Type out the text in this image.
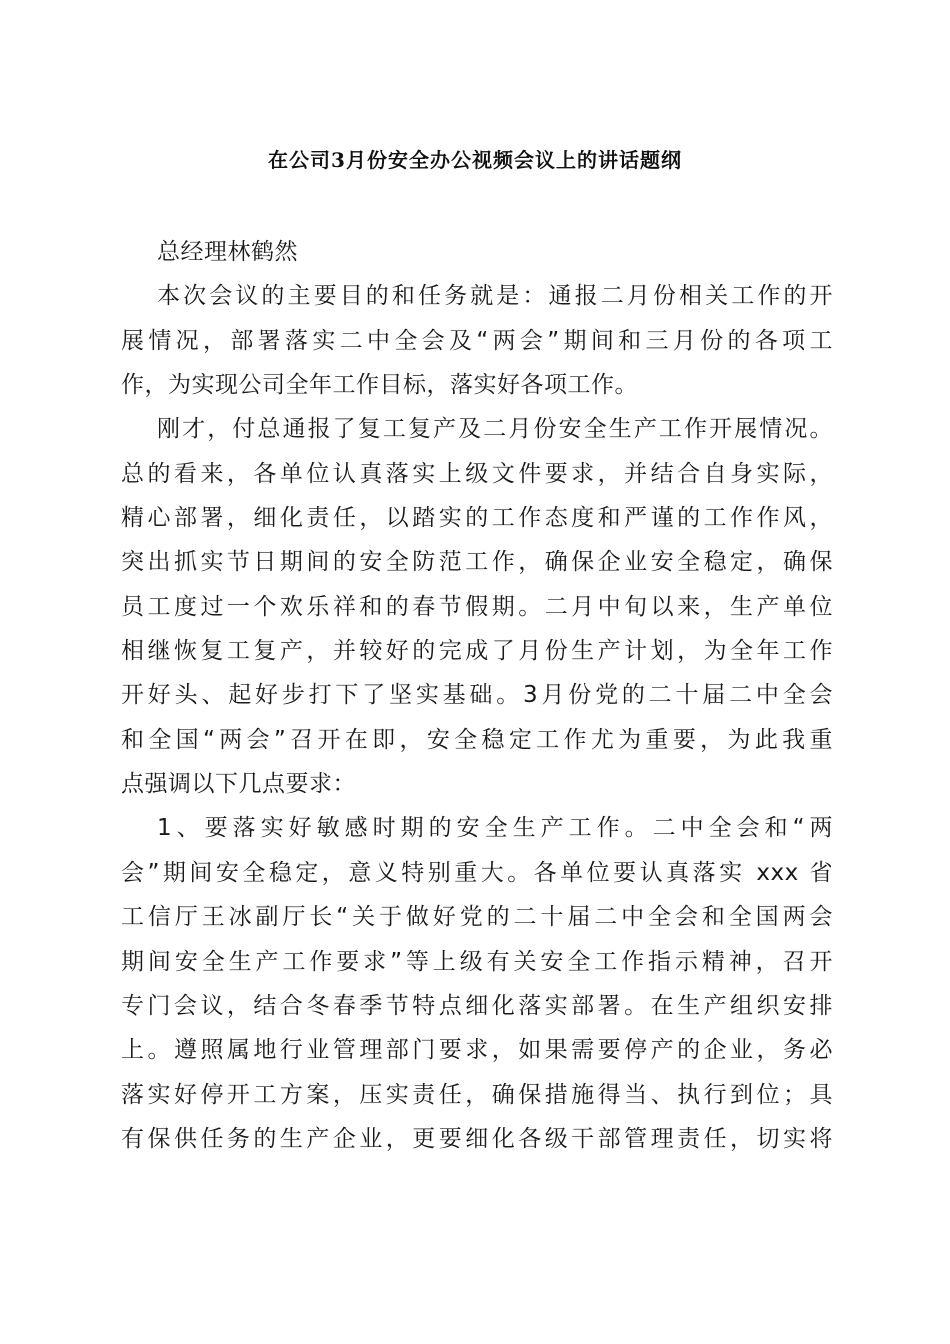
在公司3月份安全办公视频会议上的讲话题纲
总经理林鹤然
本次会议的主要目的和任务就是：通报二月份相关工作的开
展情况，部署落实二中全会及“两会”期间和三月份的各项工
作，为实现公司全年工作目标，落实好各项工作。
刚才，付总通报了复工复产及二月份安全生产工作开展情况。
总的看来，各单位认真落实上级文件要求，并结合自身实际，
精心部署，细化责任，以踏实的工作态度和严谨的工作作风，
突出抓实节日期间的安全防范工作，确保企业安全稳定，确保
员工度过一个欢乐祥和的春节假期。二月中旬以来，生产单位
相继恢复工复产，并较好的完成了月份生产计划，为全年工作
开好头、起好步打下了坚实基础。3月份党的二十届二中全会
和全国“两会”召开在即，安全稳定工作尤为重要，为此我重
点强调以下几点要求：
1、要落实好敏感时期的安全生产工作。二中全会和“两
会”期间安全稳定，意义特别重大。各单位要认真落实 xxx 省
工信厅王冰副厅长“关于做好党的二十届二中全会和全国两会
期间安全生产工作要求”等上级有关安全工作指示精神，召开
专门会议，结合冬春季节特点细化落实部署。在生产组织安排
上。遵照属地行业管理部门要求，如果需要停产的企业，务必
落实好停开工方案，压实责任，确保措施得当、执行到位；具
有保供任务的生产企业，更要细化各级干部管理责任，切实将
